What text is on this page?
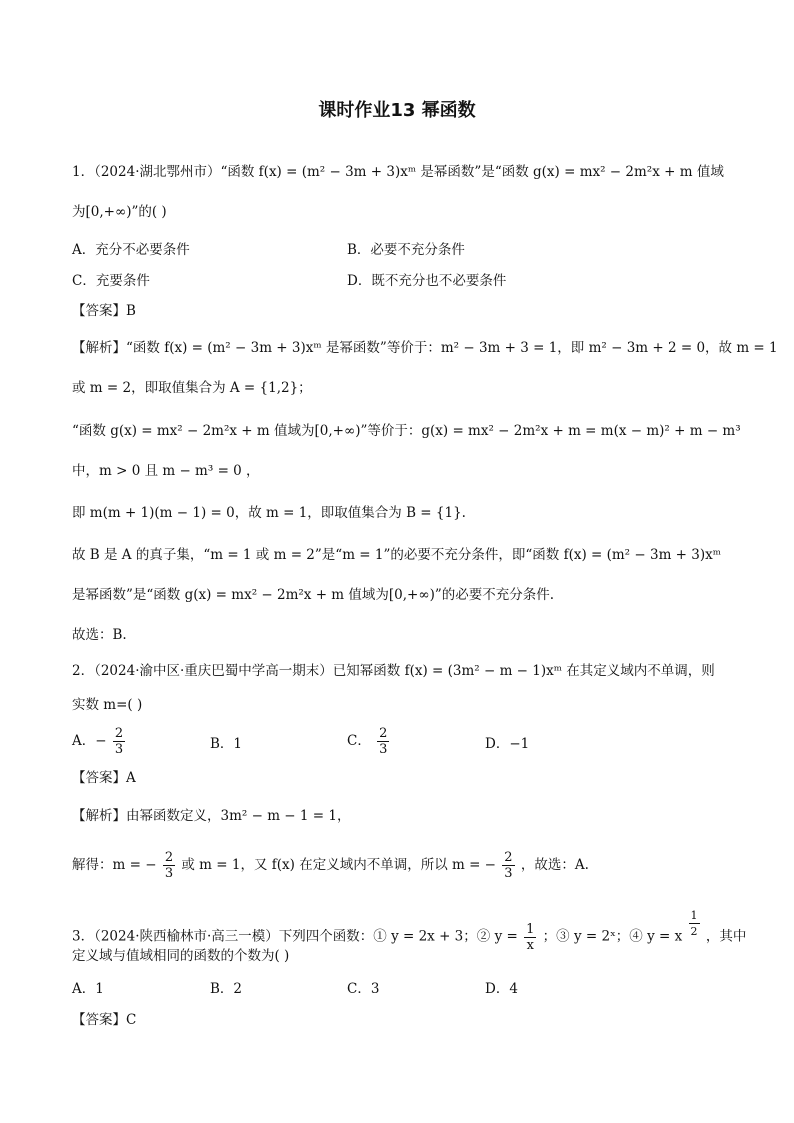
课时作业13 幂函数
1．（2024·湖北鄂州市）“函数 f(x) = (m² − 3m + 3)xᵐ 是幂函数”是“函数 g(x) = mx² − 2m²x + m 值域
为[0,+∞)”的( )
A．充分不必要条件	B．必要不充分条件
C．充要条件	D．既不充分也不必要条件
【答案】B
【解析】“函数 f(x) = (m² − 3m + 3)xᵐ 是幂函数”等价于：m² − 3m + 3 = 1，即 m² − 3m + 2 = 0，故 m = 1
或 m = 2，即取值集合为 A = {1,2}；
“函数 g(x) = mx² − 2m²x + m 值域为[0,+∞)”等价于：g(x) = mx² − 2m²x + m = m(x − m)² + m − m³
中，m > 0 且 m − m³ = 0 ，
即 m(m + 1)(m − 1) = 0，故 m = 1，即取值集合为 B = {1}.
故 B 是 A 的真子集，“m = 1 或 m = 2”是“m = 1”的必要不充分条件，即“函数 f(x) = (m² − 3m + 3)xᵐ
是幂函数”是“函数 g(x) = mx² − 2m²x + m 值域为[0,+∞)”的必要不充分条件.
故选：B.
2．（2024·渝中区·重庆巴蜀中学高一期末）已知幂函数 f(x) = (3m² − m − 1)xᵐ 在其定义域内不单调，则
实数 m=( )
A．− $\frac{2}{3}$	B．1	C． $\frac{2}{3}$	D．−1
【答案】A
【解析】由幂函数定义，3m² − m − 1 = 1，
解得：m = − $\frac{2}{3}$ 或 m = 1，又 f(x) 在定义域内不单调，所以 m = − $\frac{2}{3}$ ，故选：A.
3．（2024·陕西榆林市·高三一模）下列四个函数：① y = 2x + 3；② $y = \frac{1}{x}$ ；③ y = 2ˣ；④ y = x $\frac{1}{2}$ ，其中
定义域与值域相同的函数的个数为( )
A．1	B．2	C．3	D．4
【答案】C
